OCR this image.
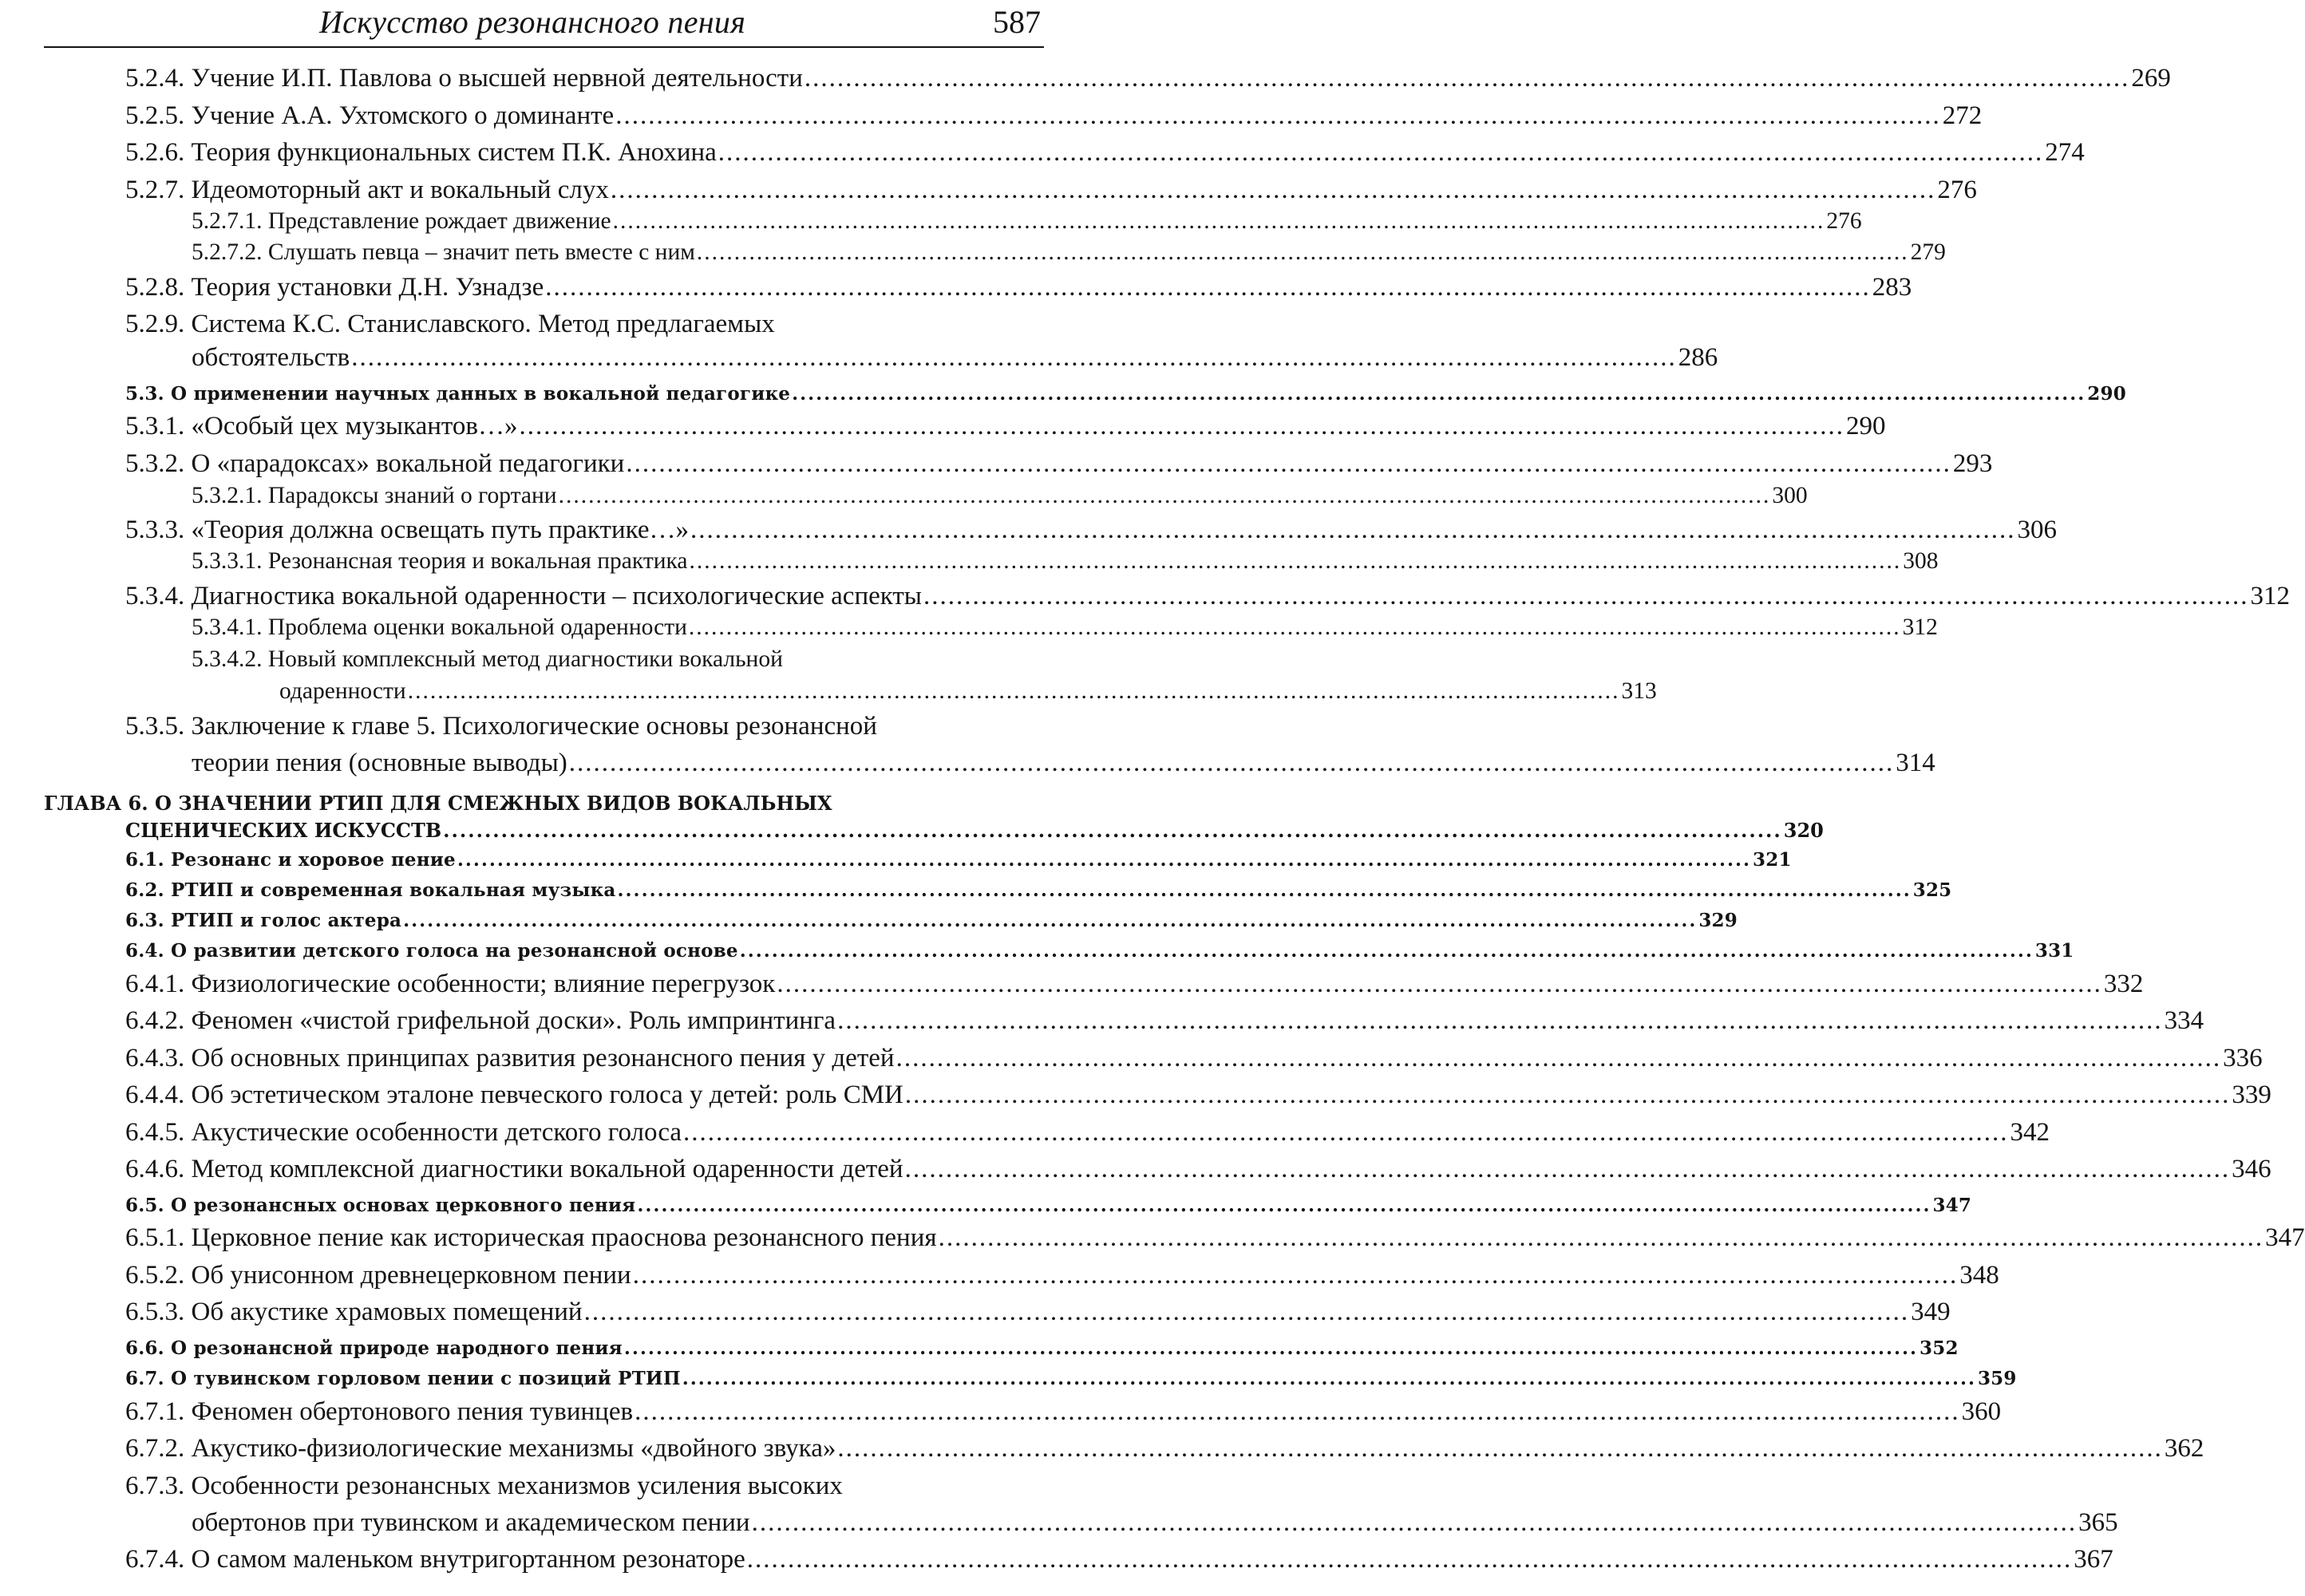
Искусство резонансного пения	587
5.2.4. Учение И.П. Павлова о высшей нервной деятельности .................................................................................................................................................................. 269
5.2.5. Учение А.А. Ухтомского о доминанте .................................................................................................................................................................. 272
5.2.6. Теория функциональных систем П.К. Анохина .................................................................................................................................................................. 274
5.2.7. Идеомоторный акт и вокальный слух .................................................................................................................................................................. 276
5.2.7.1. Представление рождает движение .................................................................................................................................................................. 276
5.2.7.2. Слушать певца – значит петь вместе с ним .................................................................................................................................................................. 279
5.2.8. Теория установки Д.Н. Узнадзе .................................................................................................................................................................. 283
5.2.9. Система К.С. Станиславского. Метод предлагаемых
обстоятельств .................................................................................................................................................................. 286
5.3. О применении научных данных в вокальной педагогике .................................................................................................................................................................. 290
5.3.1. «Особый цех музыкантов…» .................................................................................................................................................................. 290
5.3.2. О «парадоксах» вокальной педагогики .................................................................................................................................................................. 293
5.3.2.1. Парадоксы знаний о гортани .................................................................................................................................................................. 300
5.3.3. «Теория должна освещать путь практике…» .................................................................................................................................................................. 306
5.3.3.1. Резонансная теория и вокальная практика .................................................................................................................................................................. 308
5.3.4. Диагностика вокальной одаренности – психологические аспекты .................................................................................................................................................................. 312
5.3.4.1. Проблема оценки вокальной одаренности .................................................................................................................................................................. 312
5.3.4.2. Новый комплексный метод диагностики вокальной
одаренности .................................................................................................................................................................. 313
5.3.5. Заключение к главе 5. Психологические основы резонансной
теории пения (основные выводы) .................................................................................................................................................................. 314
ГЛАВА 6. О ЗНАЧЕНИИ РТИП ДЛЯ СМЕЖНЫХ ВИДОВ ВОКАЛЬНЫХ
СЦЕНИЧЕСКИХ ИСКУССТВ .................................................................................................................................................................. 320
6.1. Резонанс и хоровое пение .................................................................................................................................................................. 321
6.2. РТИП и современная вокальная музыка .................................................................................................................................................................. 325
6.3. РТИП и голос актера .................................................................................................................................................................. 329
6.4. О развитии детского голоса на резонансной основе .................................................................................................................................................................. 331
6.4.1. Физиологические особенности; влияние перегрузок .................................................................................................................................................................. 332
6.4.2. Феномен «чистой грифельной доски». Роль импринтинга .................................................................................................................................................................. 334
6.4.3. Об основных принципах развития резонансного пения у детей .................................................................................................................................................................. 336
6.4.4. Об эстетическом эталоне певческого голоса у детей: роль СМИ .................................................................................................................................................................. 339
6.4.5. Акустические особенности детского голоса .................................................................................................................................................................. 342
6.4.6. Метод комплексной диагностики вокальной одаренности детей .................................................................................................................................................................. 346
6.5. О резонансных основах церковного пения .................................................................................................................................................................. 347
6.5.1. Церковное пение как историческая праоснова резонансного пения .................................................................................................................................................................. 347
6.5.2. Об унисонном древнецерковном пении .................................................................................................................................................................. 348
6.5.3. Об акустике храмовых помещений .................................................................................................................................................................. 349
6.6. О резонансной природе народного пения .................................................................................................................................................................. 352
6.7. О тувинском горловом пении с позиций РТИП .................................................................................................................................................................. 359
6.7.1. Феномен обертонового пения тувинцев .................................................................................................................................................................. 360
6.7.2. Акустико-физиологические механизмы «двойного звука» .................................................................................................................................................................. 362
6.7.3. Особенности резонансных механизмов усиления высоких
обертонов при тувинском и академическом пении .................................................................................................................................................................. 365
6.7.4. О самом маленьком внутригортанном резонаторе .................................................................................................................................................................. 367
